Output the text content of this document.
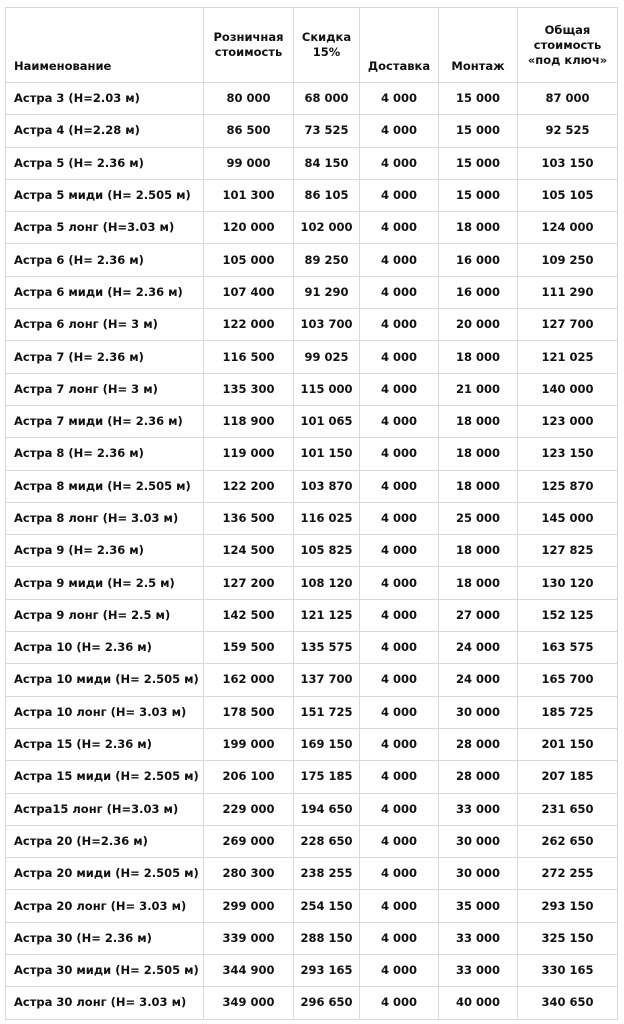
Наименование	Розничная стоимость	Скидка 15%	Доставка	Монтаж	Общая стоимость «под ключ»
Астра 3 (Н=2.03 м)	80 000	68 000	4 000	15 000	87 000
Астра 4 (Н=2.28 м)	86 500	73 525	4 000	15 000	92 525
Астра 5 (Н= 2.36 м)	99 000	84 150	4 000	15 000	103 150
Астра 5 миди (Н= 2.505 м)	101 300	86 105	4 000	15 000	105 105
Астра 5 лонг (Н=3.03 м)	120 000	102 000	4 000	18 000	124 000
Астра 6 (Н= 2.36 м)	105 000	89 250	4 000	16 000	109 250
Астра 6 миди (Н= 2.36 м)	107 400	91 290	4 000	16 000	111 290
Астра 6 лонг (Н= 3 м)	122 000	103 700	4 000	20 000	127 700
Астра 7 (Н= 2.36 м)	116 500	99 025	4 000	18 000	121 025
Астра 7 лонг (Н= 3 м)	135 300	115 000	4 000	21 000	140 000
Астра 7 миди (Н= 2.36 м)	118 900	101 065	4 000	18 000	123 000
Астра 8 (Н= 2.36 м)	119 000	101 150	4 000	18 000	123 150
Астра 8 миди (Н= 2.505 м)	122 200	103 870	4 000	18 000	125 870
Астра 8 лонг (Н= 3.03 м)	136 500	116 025	4 000	25 000	145 000
Астра 9 (Н= 2.36 м)	124 500	105 825	4 000	18 000	127 825
Астра 9 миди (Н= 2.5 м)	127 200	108 120	4 000	18 000	130 120
Астра 9 лонг (Н= 2.5 м)	142 500	121 125	4 000	27 000	152 125
Астра 10 (Н= 2.36 м)	159 500	135 575	4 000	24 000	163 575
Астра 10 миди (Н= 2.505 м)	162 000	137 700	4 000	24 000	165 700
Астра 10 лонг (Н= 3.03 м)	178 500	151 725	4 000	30 000	185 725
Астра 15 (Н= 2.36 м)	199 000	169 150	4 000	28 000	201 150
Астра 15 миди (Н= 2.505 м)	206 100	175 185	4 000	28 000	207 185
Астра15 лонг (Н=3.03 м)	229 000	194 650	4 000	33 000	231 650
Астра 20 (Н=2.36 м)	269 000	228 650	4 000	30 000	262 650
Астра 20 миди (Н= 2.505 м)	280 300	238 255	4 000	30 000	272 255
Астра 20 лонг (Н= 3.03 м)	299 000	254 150	4 000	35 000	293 150
Астра 30 (Н= 2.36 м)	339 000	288 150	4 000	33 000	325 150
Астра 30 миди (Н= 2.505 м)	344 900	293 165	4 000	33 000	330 165
Астра 30 лонг (Н= 3.03 м)	349 000	296 650	4 000	40 000	340 650
